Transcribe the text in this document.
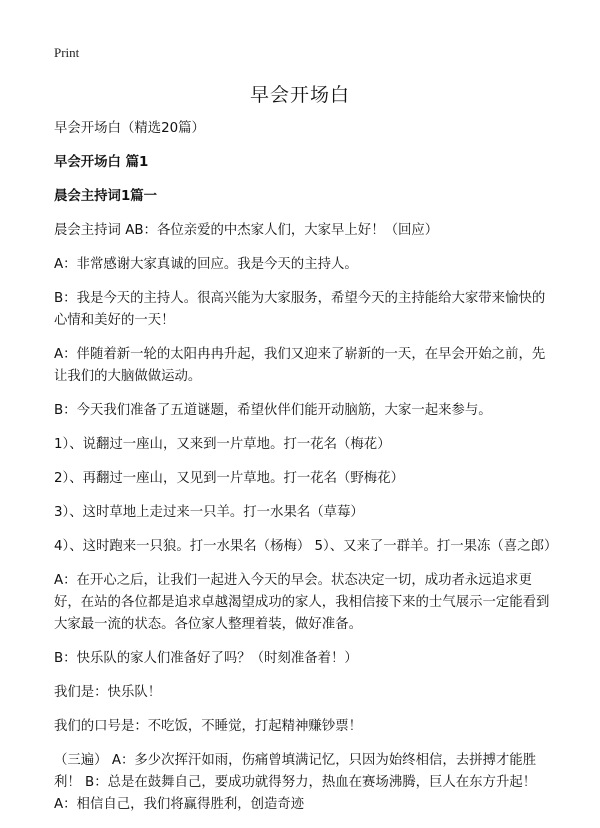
Print
早会开场白

早会开场白（精选20篇）

早会开场白 篇1

晨会主持词1篇一

晨会主持词 AB：各位亲爱的中杰家人们，大家早上好！（回应）

A：非常感谢大家真诚的回应。我是今天的主持人。

B：我是今天的主持人。很高兴能为大家服务，希望今天的主持能给大家带来愉快的心情和美好的一天！

A：伴随着新一轮的太阳冉冉升起，我们又迎来了崭新的一天，在早会开始之前，先让我们的大脑做做运动。

B：今天我们准备了五道谜题，希望伙伴们能开动脑筋，大家一起来参与。

1）、说翻过一座山，又来到一片草地。打一花名（梅花）

2）、再翻过一座山，又见到一片草地。打一花名（野梅花）

3）、这时草地上走过来一只羊。打一水果名（草莓）

4）、这时跑来一只狼。打一水果名（杨梅） 5）、又来了一群羊。打一果冻（喜之郎）

A：在开心之后，让我们一起进入今天的早会。状态决定一切，成功者永远追求更好，在站的各位都是追求卓越渴望成功的家人，我相信接下来的士气展示一定能看到大家最一流的状态。各位家人整理着装，做好准备。

B：快乐队的家人们准备好了吗？（时刻准备着！）

我们是：快乐队！

我们的口号是：不吃饭，不睡觉，打起精神赚钞票！

（三遍） A：多少次挥汗如雨，伤痛曾填满记忆，只因为始终相信，去拼搏才能胜利！ B：总是在鼓舞自己，要成功就得努力，热血在赛场沸腾，巨人在东方升起！

A：相信自己，我们将赢得胜利，创造奇迹
